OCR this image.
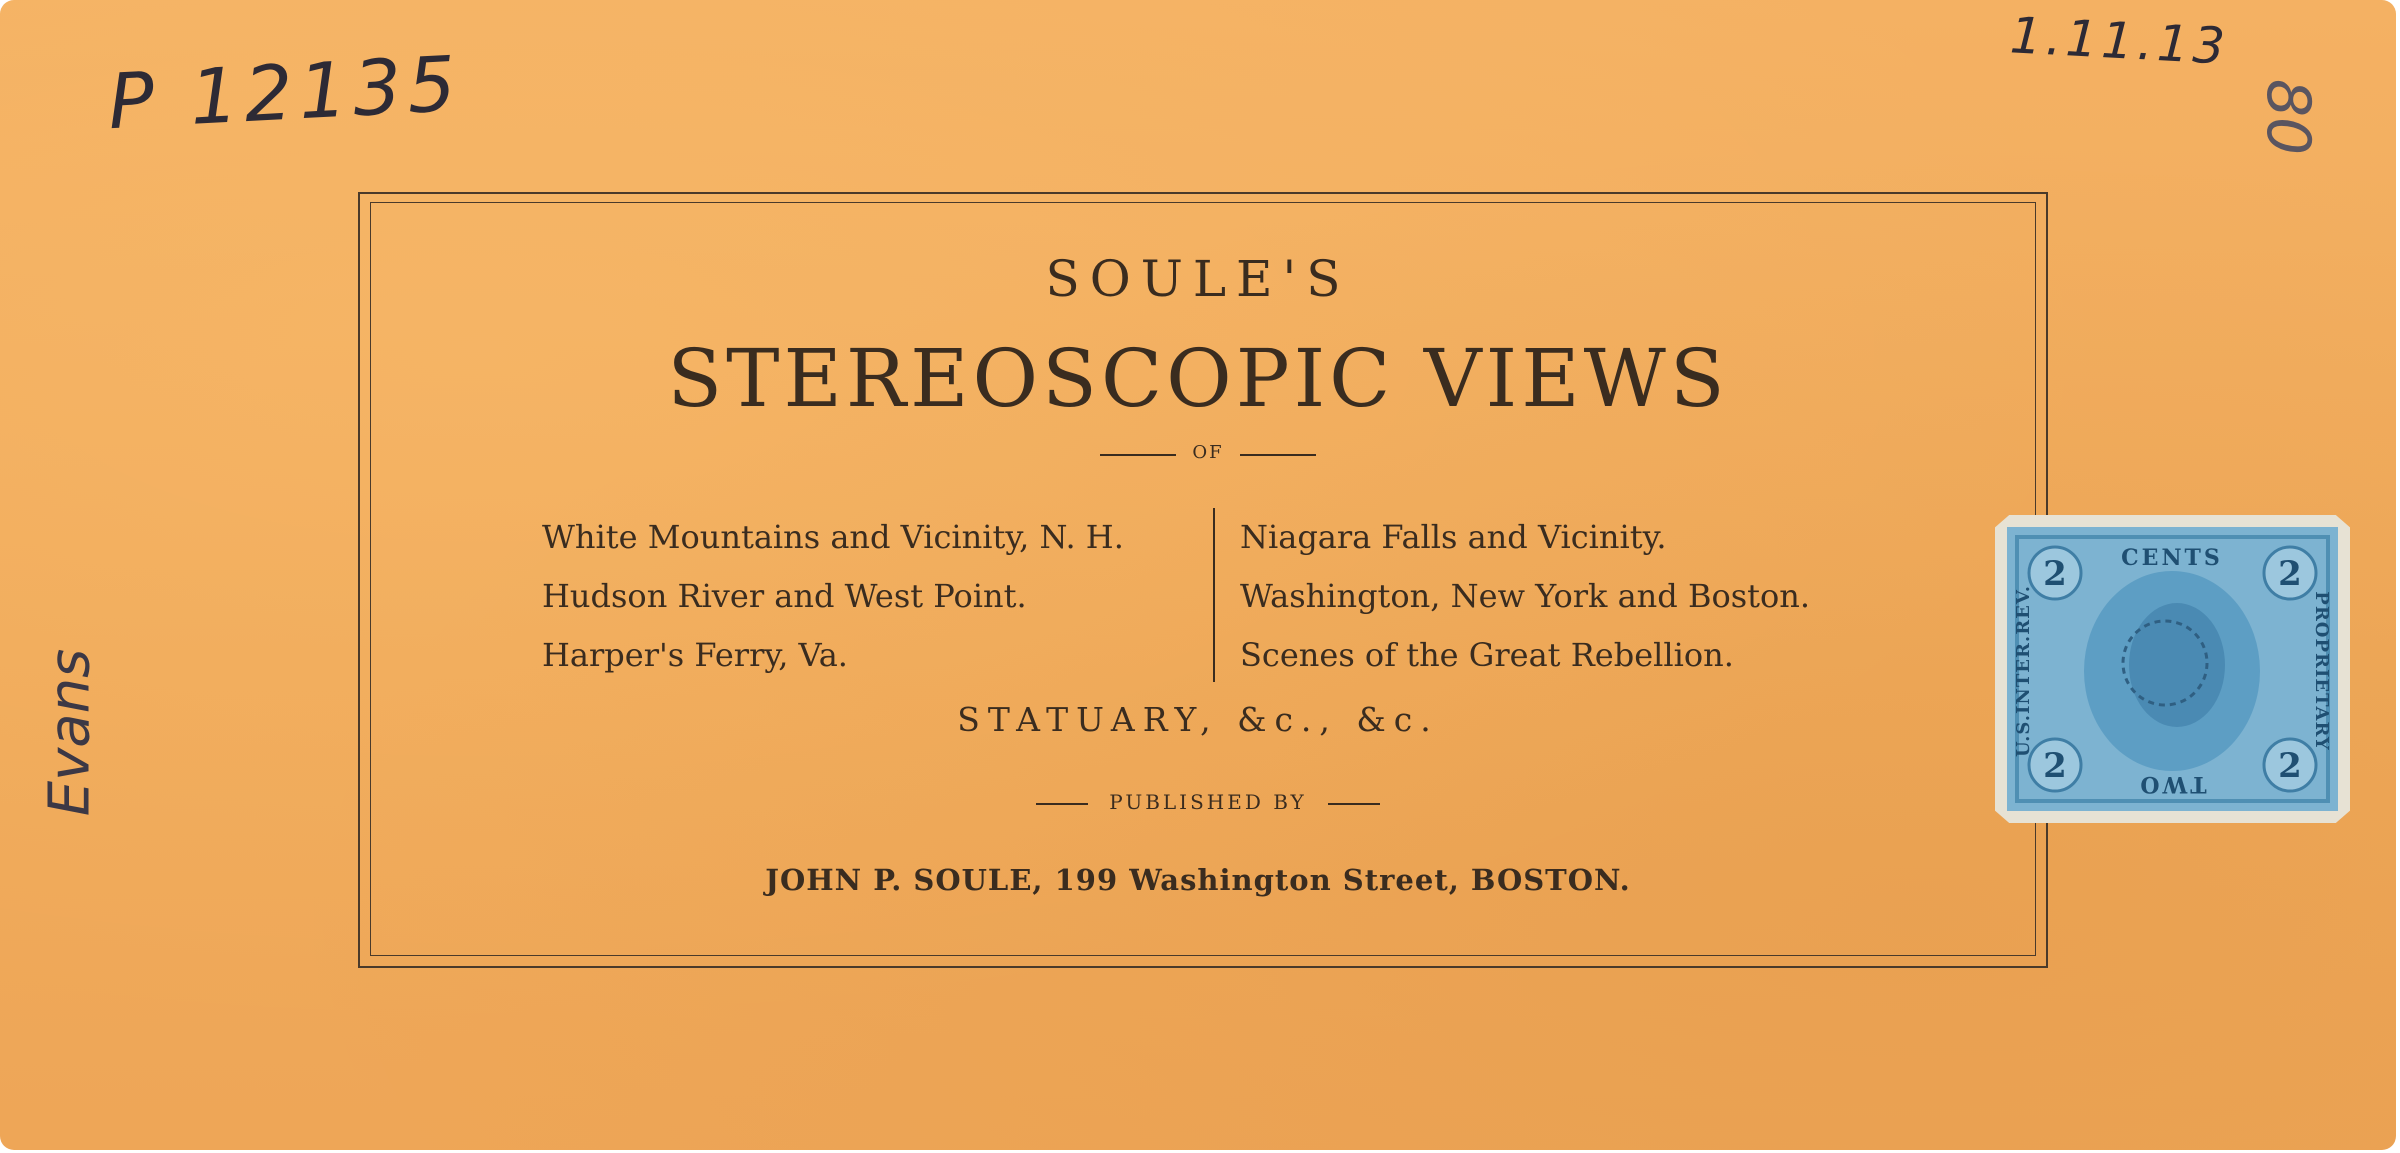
SOULE'S
STEREOSCOPIC VIEWS
OF
White Mountains and Vicinity, N. H.
Hudson River and West Point.
Harper's Ferry, Va.
Niagara Falls and Vicinity.
Washington, New York and Boston.
Scenes of the Great Rebellion.
STATUARY, &c., &c.
PUBLISHED BY
JOHN P. SOULE, 199 Washington Street, BOSTON.
P 12135	1.11.13
80
Evans
2	2
2	2
CENTS
TWO
U.S.INTER.REV.	PROPRIETARY
